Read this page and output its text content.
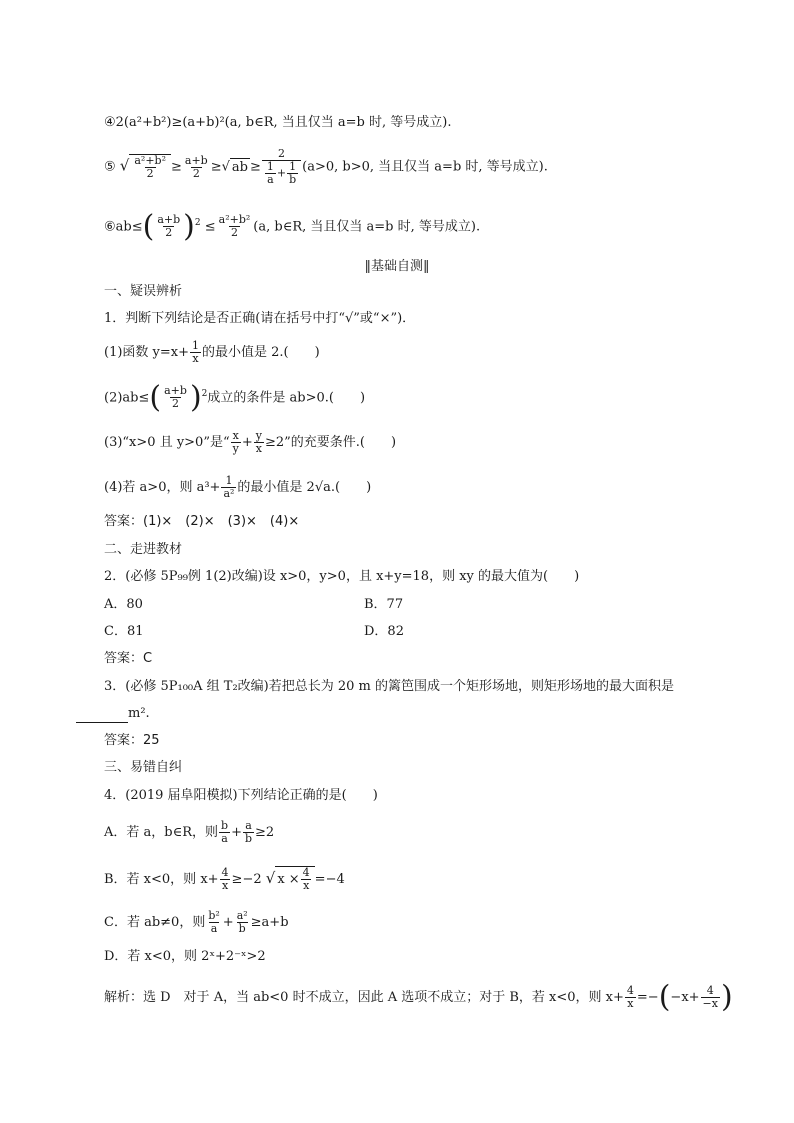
④2(a²+b²)≥(a+b)²(a, b∈R, 当且仅当 a=b 时, 等号成立).
⑤ √ $\frac{\text{a²+b²}}{2} \ge \frac{a+b}{2}$ ≥√ ab ≥ $\frac{2}{\frac{1}{a} + \frac{1}{b}} (a>0$, b>0, 当且仅当 a=b 时, 等号成立).
⑥ab≤( $\frac{a+b}{2} )^2 \le \frac{\text{a²+b²}}{2} (a$, b∈R, 当且仅当 a=b 时, 等号成立).
‖基础自测‖
一、疑误辨析
1．判断下列结论是否正确(请在括号中打“√”或“×”)．
(1)函数 $y=x+ \frac{1}{x}$ 的最小值是 2.(　　)
$(2)ab\le( \frac{a+b}{2} )^2$成立的条件是 ab>0.(　　)
(3)“x>0 且 y>0”是“ $\frac{x}{y} + \frac{y}{x} \ge 2$”的充要条件.(　　)
(4)若 a>0，则 $a^3+ \frac{1}{\text{a²}}$ 的最小值是 2√a.(　　)
答案：(1)×　(2)×　(3)×　(4)×
二、走进教材
2．(必修 5P₉₉例 1(2)改编)设 x>0，y>0，且 x+y=18，则 xy 的最大值为(　　)
A．80	B．77
C．81	D．82
答案：C
3．(必修 5P₁₀₀A 组 T₂改编)若把总长为 20 m 的篱笆围成一个矩形场地，则矩形场地的最大面积是
m².
答案：25
三、易错自纠
4．(2019 届阜阳模拟)下列结论正确的是(　　)
A．若 a，b∈R，则 $\frac{b}{a} + \frac{a}{b} \ge 2$
B．若 x<0，则 $x+ \frac{4}{x} \ge-2$ √ $x \times \frac{4}{x} =-4$
C．若 ab≠0，则 $\frac{\text{b²}}{a} + \frac{\text{a²}}{b} \ge a+b$
D．若 x<0，则 2ˣ+2⁻ˣ>2
解析：选 D　对于 A，当 ab<0 时不成立，因此 A 选项不成立；对于 B，若 x<0，则 $x+ \frac{4}{x} =-(-x+ \frac{4}{-x}$ )
